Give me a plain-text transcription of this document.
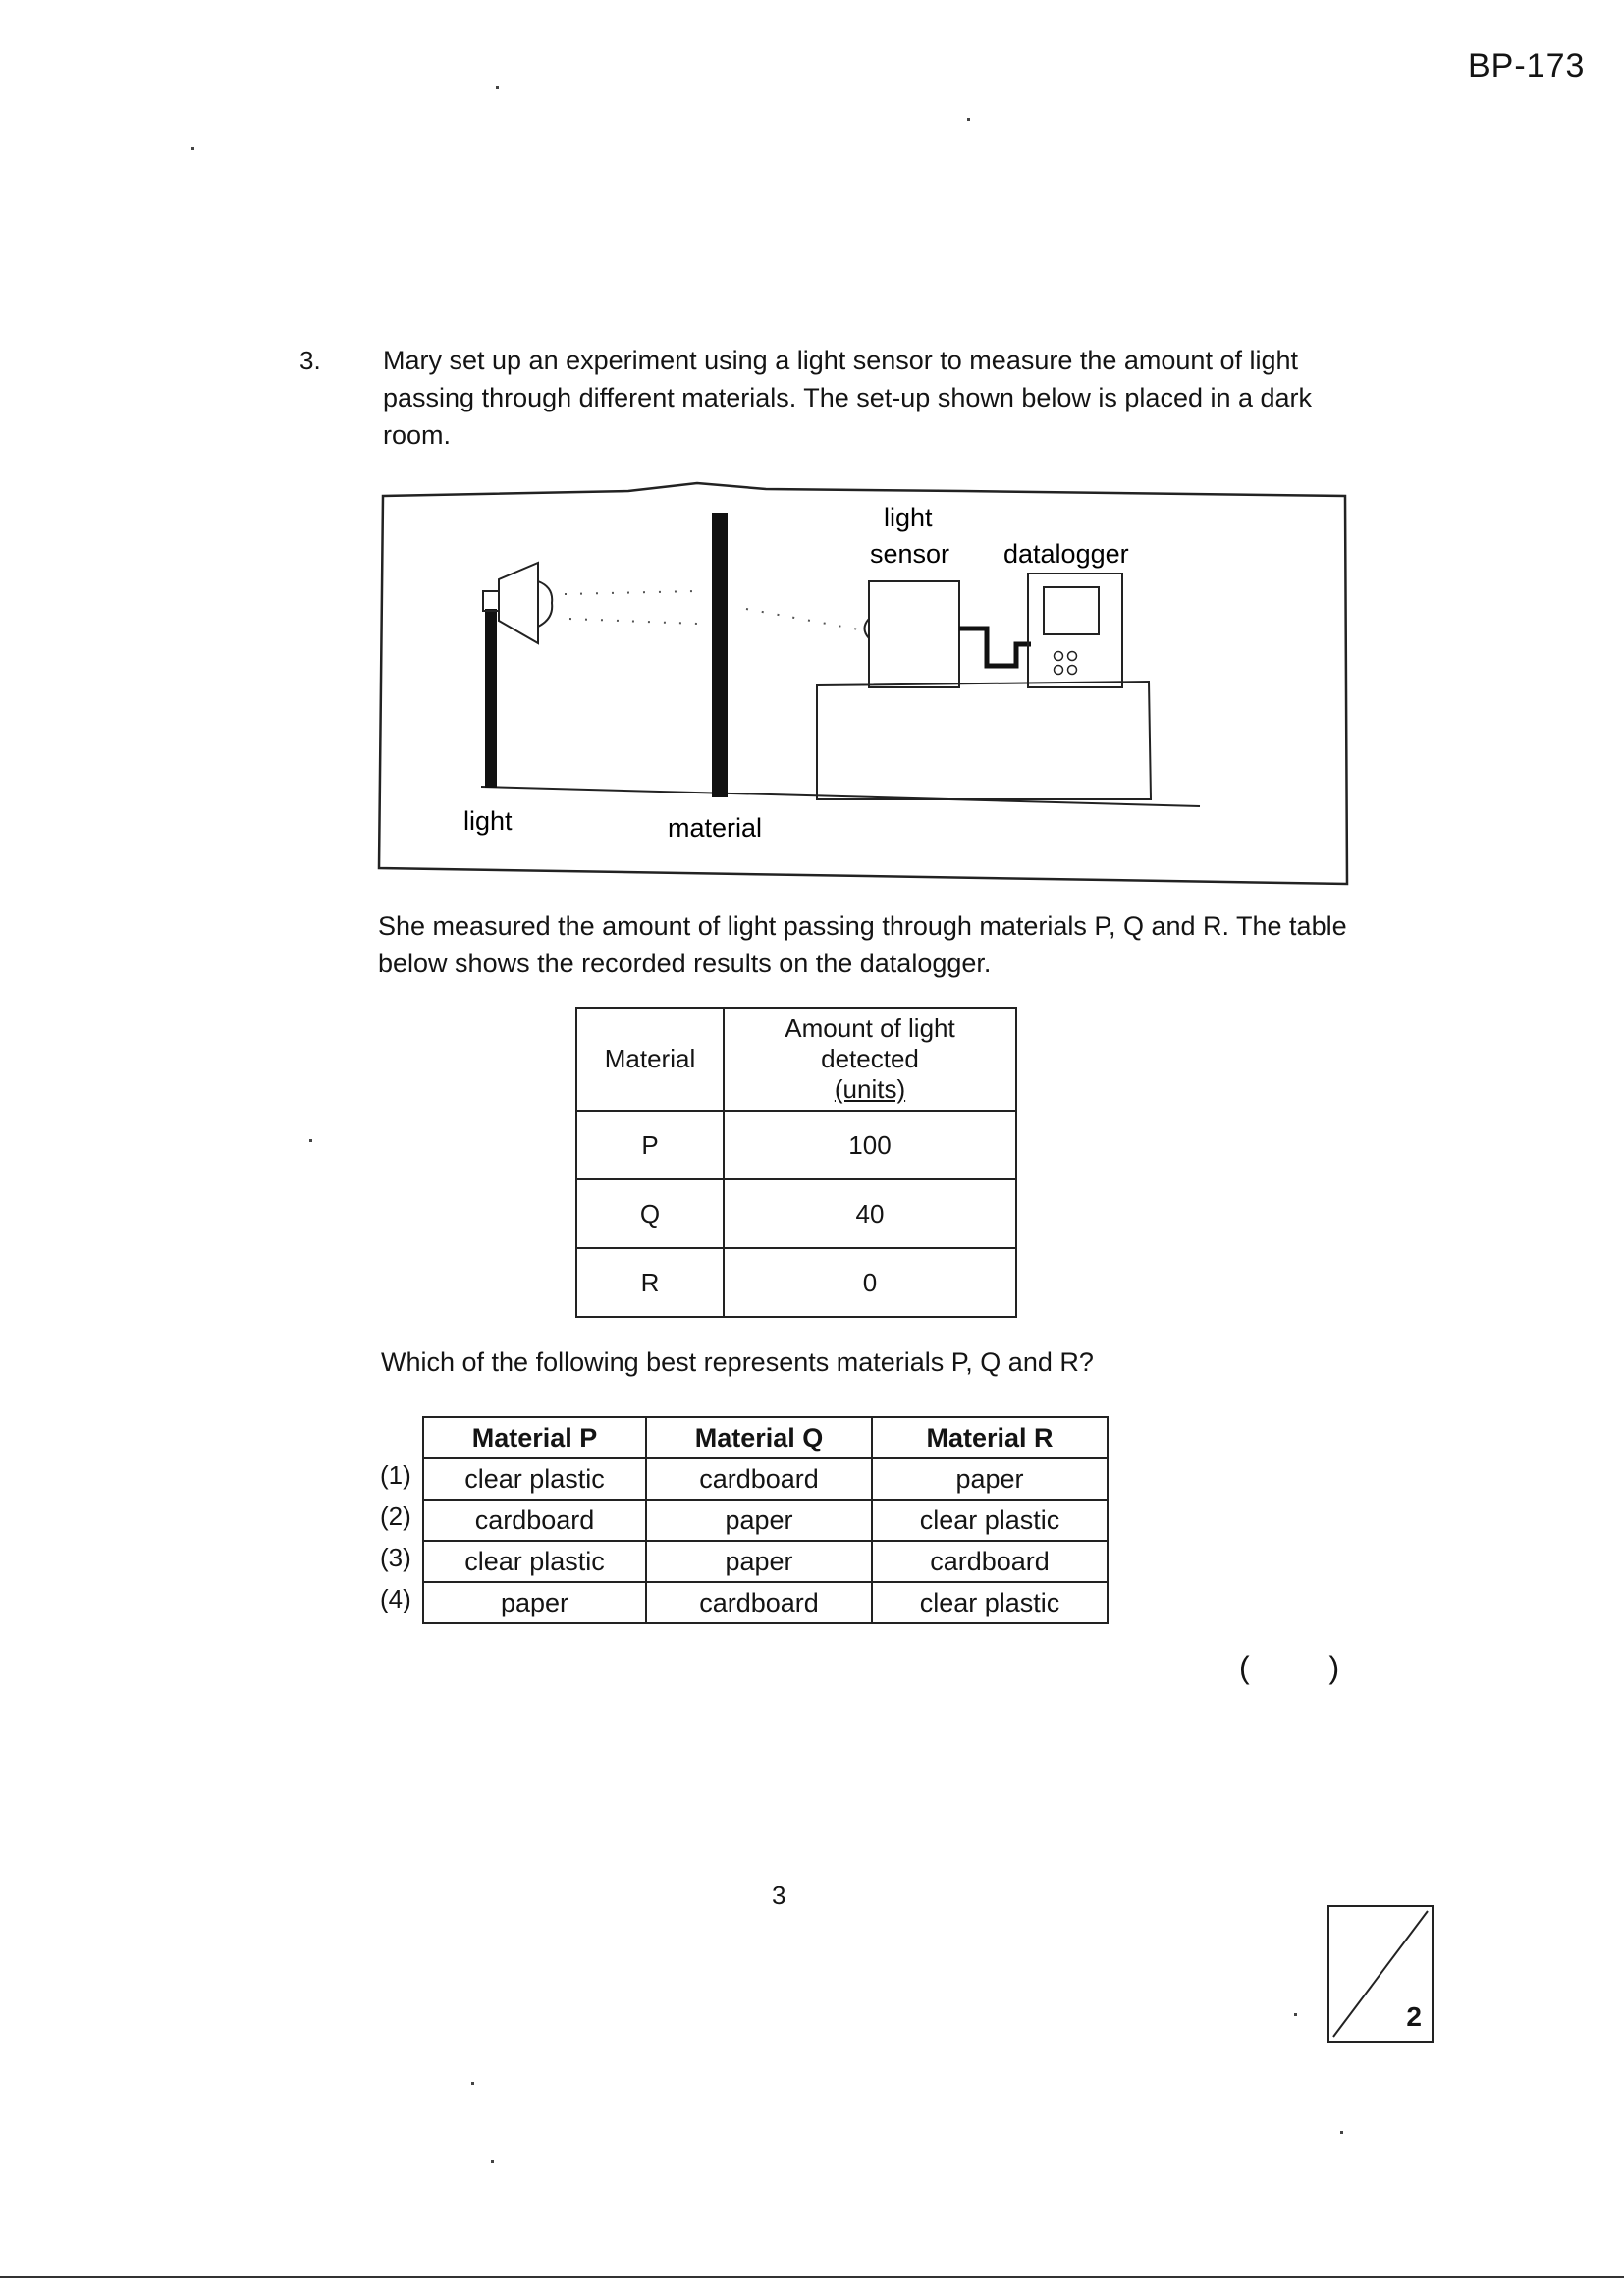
BP-173
3. Mary set up an experiment using a light sensor to measure the amount of light passing through different materials. The set-up shown below is placed in a dark room.
light
sensor datalogger
light	material
She measured the amount of light passing through materials P, Q and R. The table below shows the recorded results on the datalogger.
Material	Amount of light
detected
(units)

P	100
Q	40
R	0
Which of the following best represents materials P, Q and R?
Material P	Material Q	Material R
clear plastic	cardboard	paper
cardboard	paper	clear plastic
clear plastic	paper	cardboard
paper	cardboard	clear plastic
(1)
(2)
(3)
(4)
( )
3
2
